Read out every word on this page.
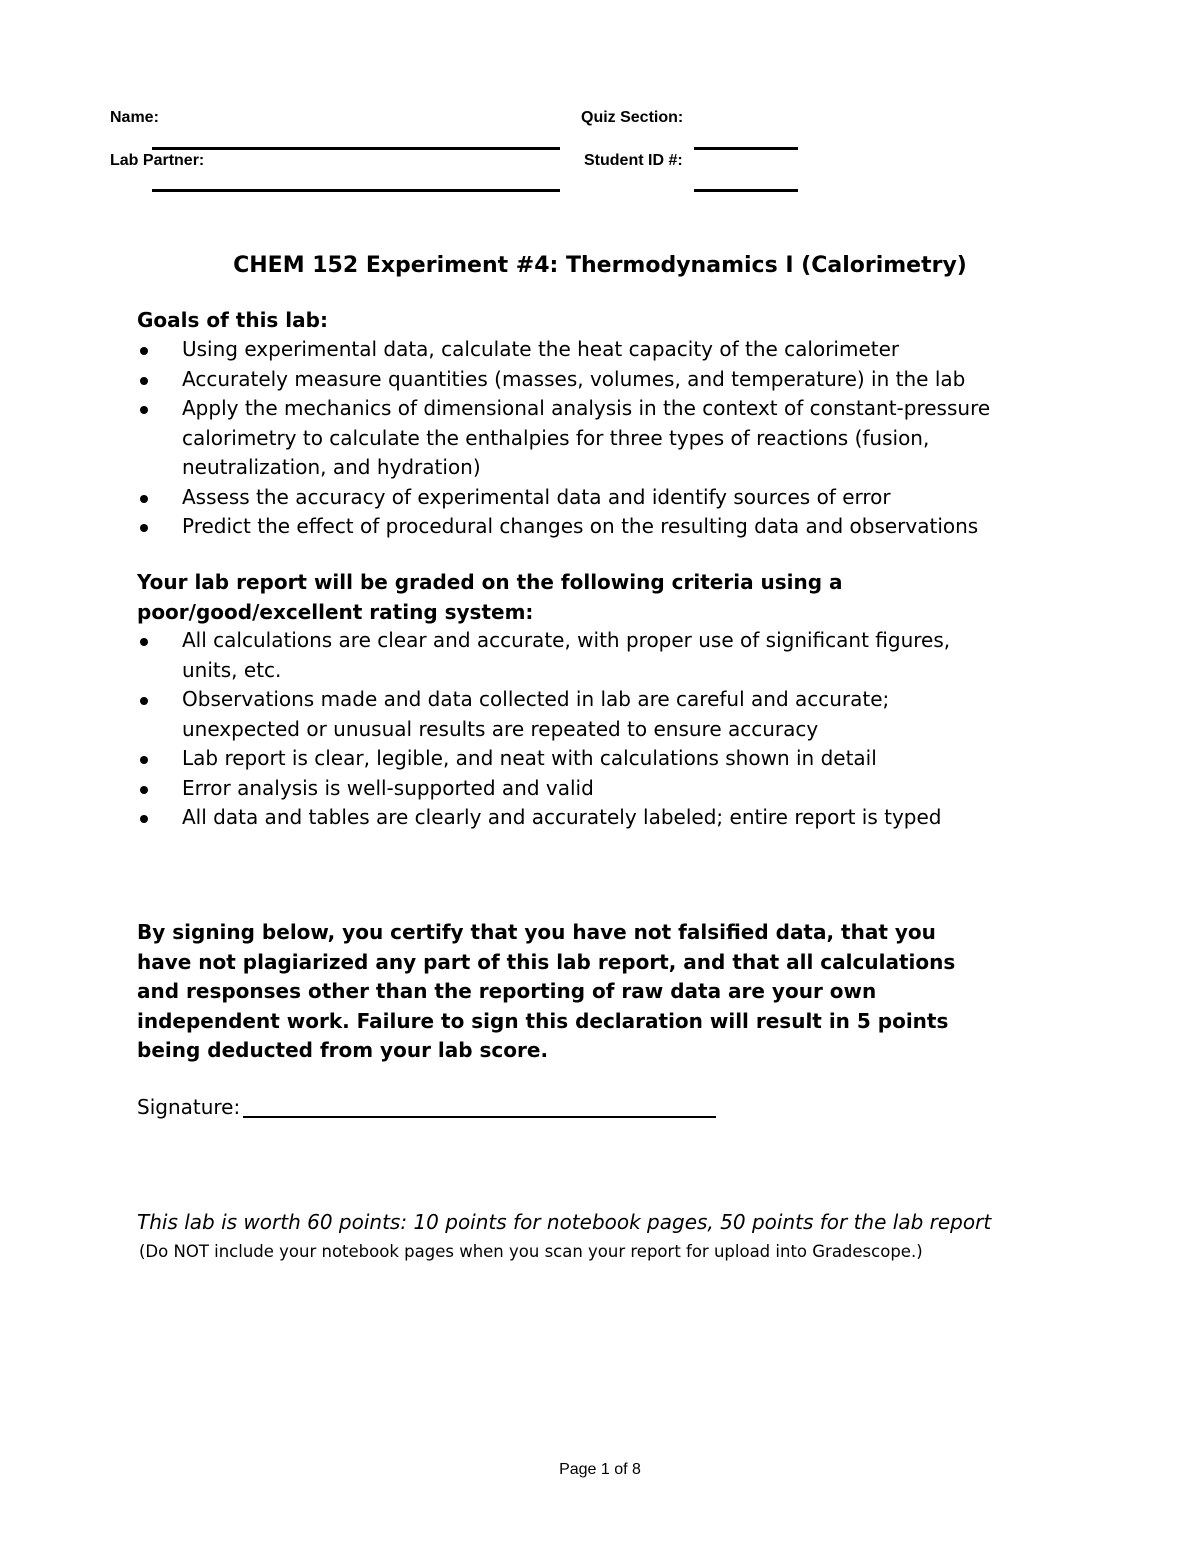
Name:	Quiz Section:
Lab Partner:	Student ID #:
CHEM 152 Experiment #4: Thermodynamics I (Calorimetry)
Goals of this lab:
Using experimental data, calculate the heat capacity of the calorimeter
Accurately measure quantities (masses, volumes, and temperature) in the lab
Apply the mechanics of dimensional analysis in the context of constant-pressure calorimetry to calculate the enthalpies for three types of reactions (fusion, neutralization, and hydration)
Assess the accuracy of experimental data and identify sources of error
Predict the effect of procedural changes on the resulting data and observations
Your lab report will be graded on the following criteria using a poor/good/excellent rating system:
All calculations are clear and accurate, with proper use of significant figures, units, etc.
Observations made and data collected in lab are careful and accurate; unexpected or unusual results are repeated to ensure accuracy
Lab report is clear, legible, and neat with calculations shown in detail
Error analysis is well-supported and valid
All data and tables are clearly and accurately labeled; entire report is typed
By signing below, you certify that you have not falsified data, that you have not plagiarized any part of this lab report, and that all calculations and responses other than the reporting of raw data are your own independent work. Failure to sign this declaration will result in 5 points being deducted from your lab score.
Signature:
This lab is worth 60 points: 10 points for notebook pages, 50 points for the lab report
(Do NOT include your notebook pages when you scan your report for upload into Gradescope.)
Page 1 of 8
